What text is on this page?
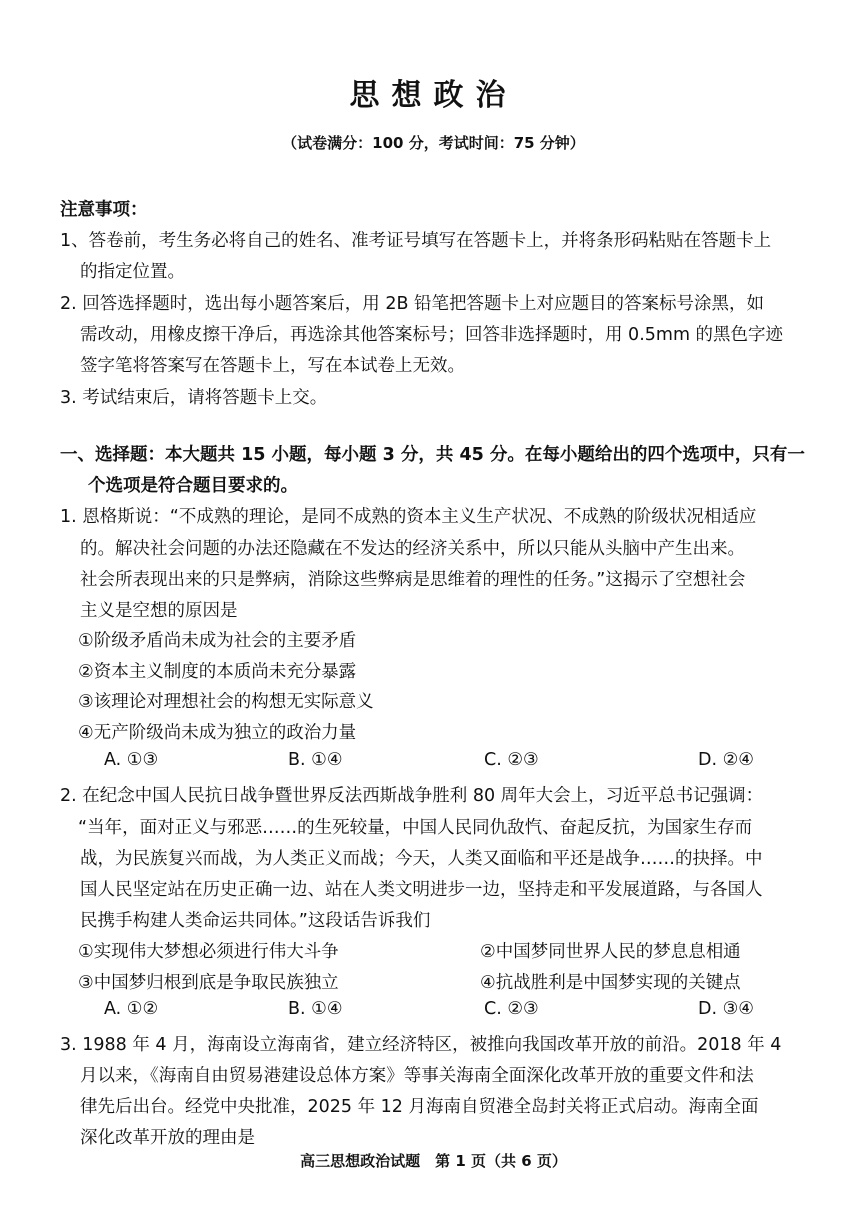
思想政治
（试卷满分：100 分，考试时间：75 分钟）
注意事项：
1、答卷前，考生务必将自己的姓名、准考证号填写在答题卡上，并将条形码粘贴在答题卡上
的指定位置。
2. 回答选择题时，选出每小题答案后，用 2B 铅笔把答题卡上对应题目的答案标号涂黑，如
需改动，用橡皮擦干净后，再选涂其他答案标号；回答非选择题时，用 0.5mm 的黑色字迹
签字笔将答案写在答题卡上，写在本试卷上无效。
3. 考试结束后，请将答题卡上交。
一、选择题：本大题共 15 小题，每小题 3 分，共 45 分。在每小题给出的四个选项中，只有一
个选项是符合题目要求的。
1. 恩格斯说：“不成熟的理论，是同不成熟的资本主义生产状况、不成熟的阶级状况相适应
的。解决社会问题的办法还隐藏在不发达的经济关系中，所以只能从头脑中产生出来。
社会所表现出来的只是弊病，消除这些弊病是思维着的理性的任务。”这揭示了空想社会
主义是空想的原因是
①阶级矛盾尚未成为社会的主要矛盾
②资本主义制度的本质尚未充分暴露
③该理论对理想社会的构想无实际意义
④无产阶级尚未成为独立的政治力量
A. ①③	B. ①④	C. ②③	D. ②④
2. 在纪念中国人民抗日战争暨世界反法西斯战争胜利 80 周年大会上，习近平总书记强调：
“当年，面对正义与邪恶……的生死较量，中国人民同仇敌忾、奋起反抗，为国家生存而
战，为民族复兴而战，为人类正义而战；今天，人类又面临和平还是战争……的抉择。中
国人民坚定站在历史正确一边、站在人类文明进步一边，坚持走和平发展道路，与各国人
民携手构建人类命运共同体。”这段话告诉我们
①实现伟大梦想必须进行伟大斗争	②中国梦同世界人民的梦息息相通
③中国梦归根到底是争取民族独立	④抗战胜利是中国梦实现的关键点
A. ①②	B. ①④	C. ②③	D. ③④
3. 1988 年 4 月，海南设立海南省，建立经济特区，被推向我国改革开放的前沿。2018 年 4
月以来，《海南自由贸易港建设总体方案》等事关海南全面深化改革开放的重要文件和法
律先后出台。经党中央批准，2025 年 12 月海南自贸港全岛封关将正式启动。海南全面
深化改革开放的理由是
高三思想政治试题　第 1 页（共 6 页）
